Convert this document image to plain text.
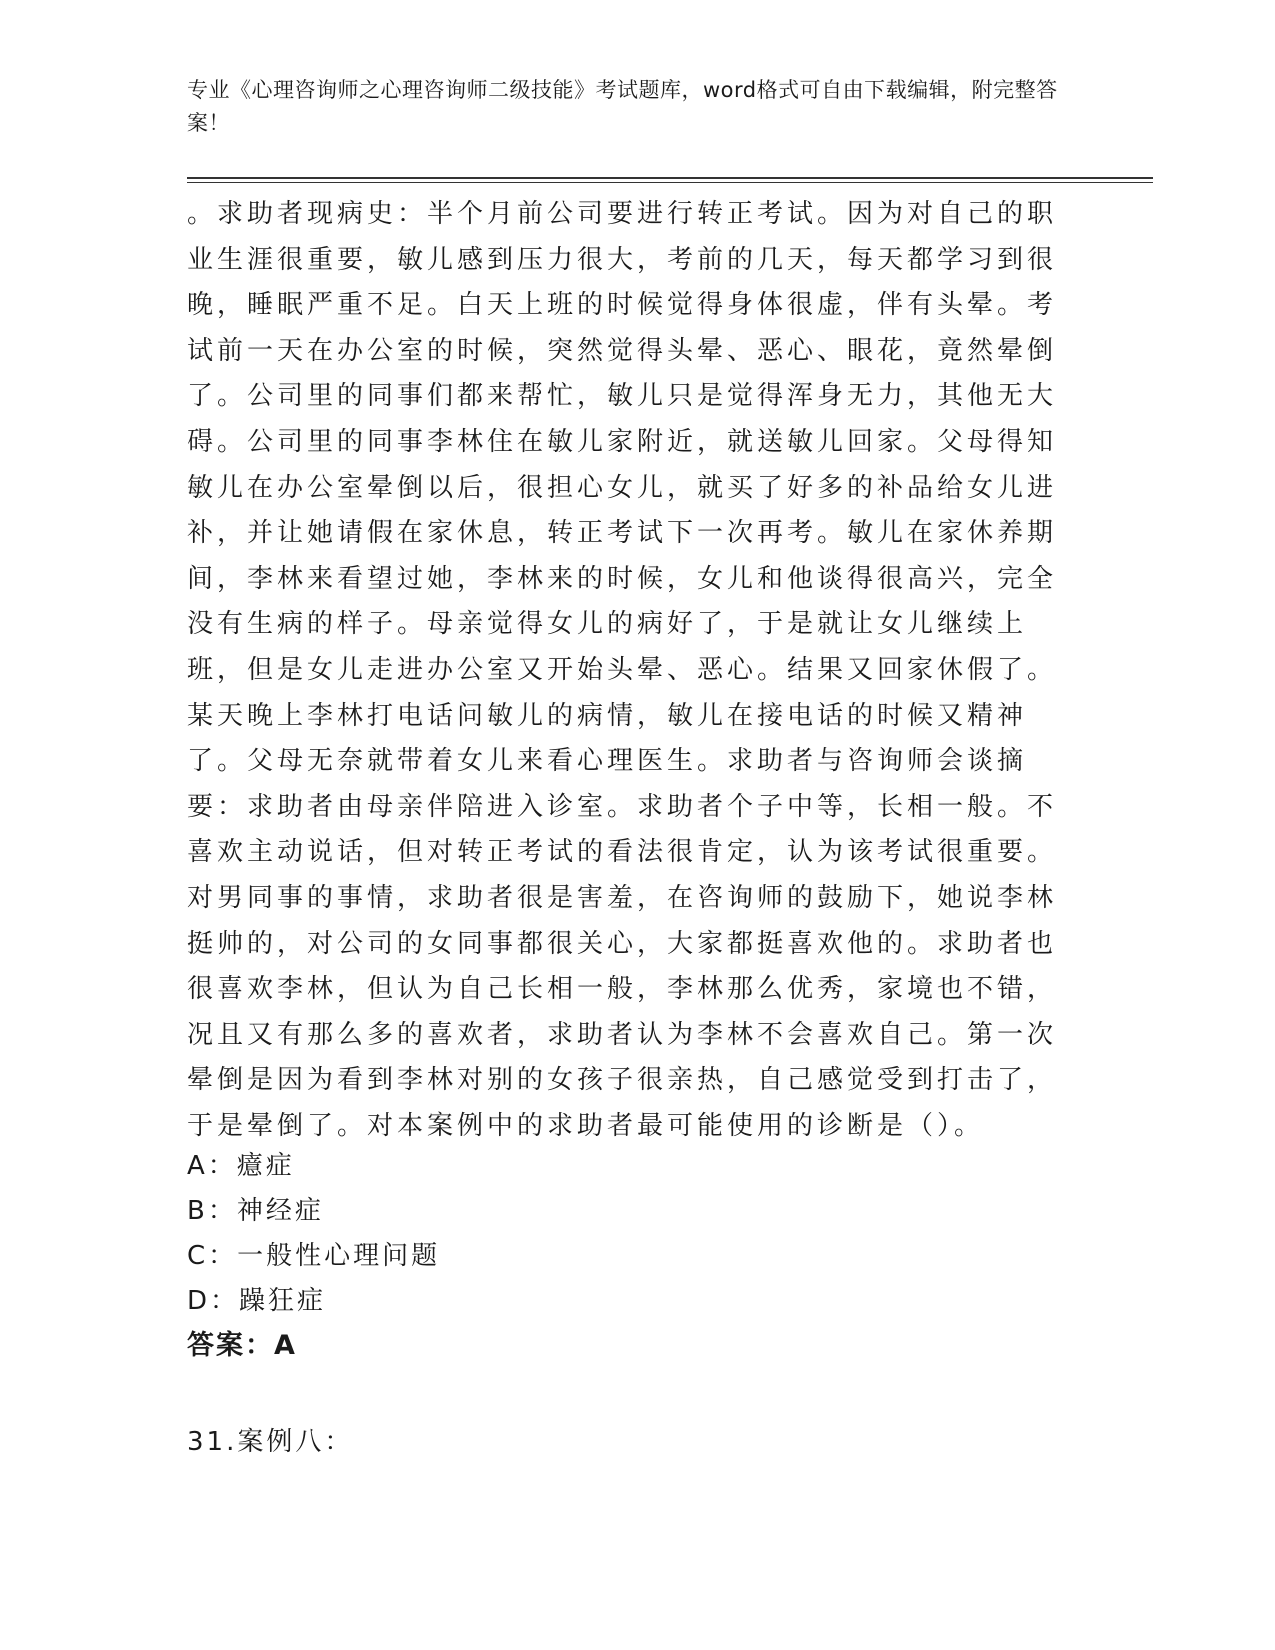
专业《心理咨询师之心理咨询师二级技能》考试题库，word格式可自由下载编辑，附完整答案！
。求助者现病史：半个月前公司要进行转正考试。因为对自己的职业生涯很重要，敏儿感到压力很大，考前的几天，每天都学习到很晚，睡眠严重不足。白天上班的时候觉得身体很虚，伴有头晕。考试前一天在办公室的时候，突然觉得头晕、恶心、眼花，竟然晕倒了。公司里的同事们都来帮忙，敏儿只是觉得浑身无力，其他无大碍。公司里的同事李林住在敏儿家附近，就送敏儿回家。父母得知敏儿在办公室晕倒以后，很担心女儿，就买了好多的补品给女儿进补，并让她请假在家休息，转正考试下一次再考。敏儿在家休养期间，李林来看望过她，李林来的时候，女儿和他谈得很高兴，完全没有生病的样子。母亲觉得女儿的病好了，于是就让女儿继续上班，但是女儿走进办公室又开始头晕、恶心。结果又回家休假了。某天晚上李林打电话问敏儿的病情，敏儿在接电话的时候又精神了。父母无奈就带着女儿来看心理医生。求助者与咨询师会谈摘要：求助者由母亲伴陪进入诊室。求助者个子中等，长相一般。不喜欢主动说话，但对转正考试的看法很肯定，认为该考试很重要。对男同事的事情，求助者很是害羞，在咨询师的鼓励下，她说李林挺帅的，对公司的女同事都很关心，大家都挺喜欢他的。求助者也很喜欢李林，但认为自己长相一般，李林那么优秀，家境也不错，况且又有那么多的喜欢者，求助者认为李林不会喜欢自己。第一次晕倒是因为看到李林对别的女孩子很亲热，自己感觉受到打击了，于是晕倒了。对本案例中的求助者最可能使用的诊断是（）。
A：癔症
B：神经症
C：一般性心理问题
D：躁狂症
答案：A
31.案例八：
